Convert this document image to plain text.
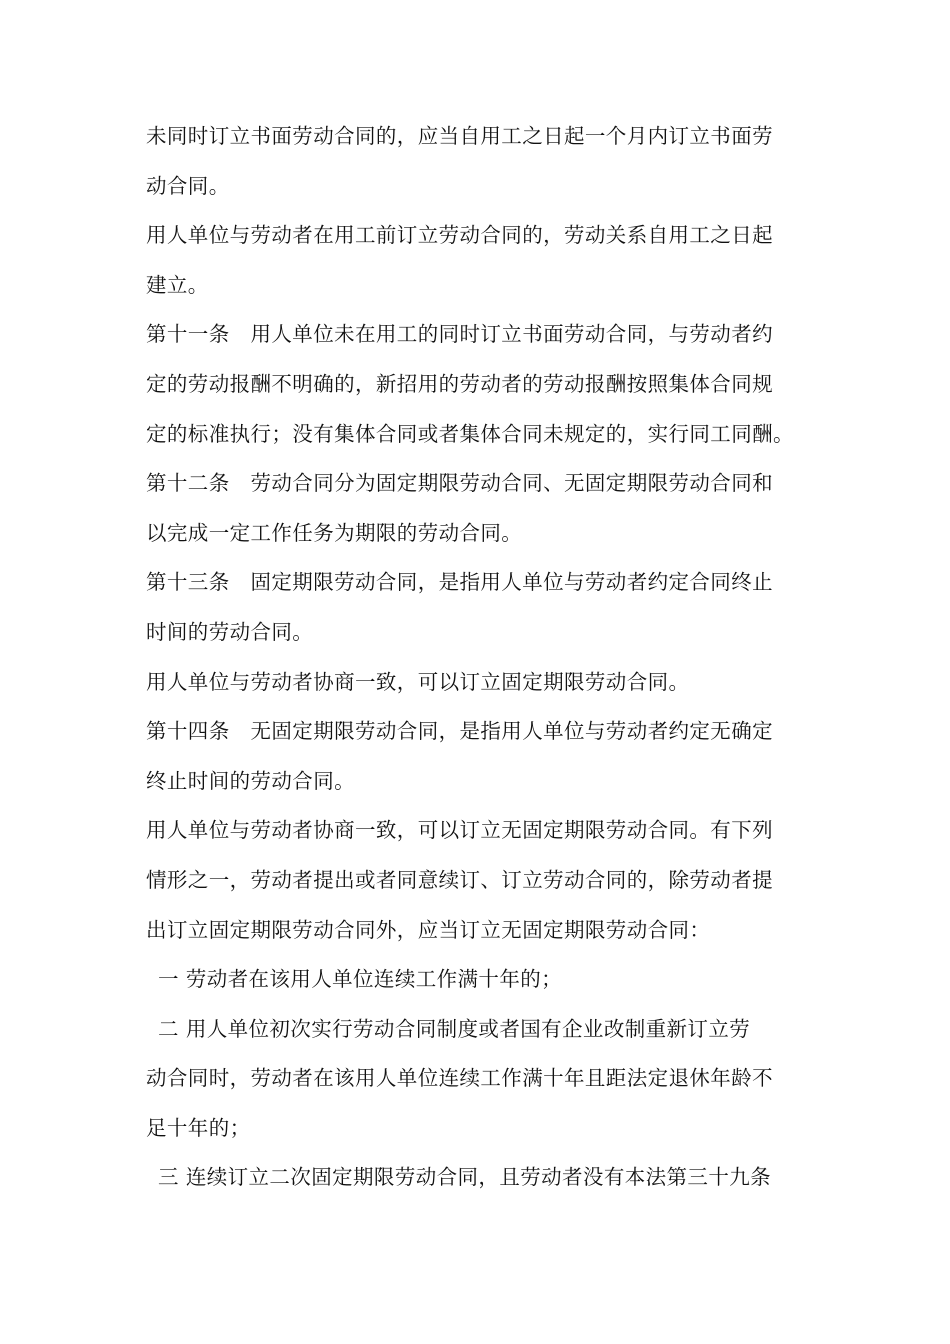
未同时订立书面劳动合同的，应当自用工之日起一个月内订立书面劳

动合同。

用人单位与劳动者在用工前订立劳动合同的，劳动关系自用工之日起

建立。

第十一条　用人单位未在用工的同时订立书面劳动合同，与劳动者约

定的劳动报酬不明确的，新招用的劳动者的劳动报酬按照集体合同规

定的标准执行；没有集体合同或者集体合同未规定的，实行同工同酬。

第十二条　劳动合同分为固定期限劳动合同、无固定期限劳动合同和

以完成一定工作任务为期限的劳动合同。

第十三条　固定期限劳动合同，是指用人单位与劳动者约定合同终止

时间的劳动合同。

用人单位与劳动者协商一致，可以订立固定期限劳动合同。

第十四条　无固定期限劳动合同，是指用人单位与劳动者约定无确定

终止时间的劳动合同。

用人单位与劳动者协商一致，可以订立无固定期限劳动合同。有下列

情形之一，劳动者提出或者同意续订、订立劳动合同的，除劳动者提

出订立固定期限劳动合同外，应当订立无固定期限劳动合同：

一 劳动者在该用人单位连续工作满十年的；

二 用人单位初次实行劳动合同制度或者国有企业改制重新订立劳

动合同时，劳动者在该用人单位连续工作满十年且距法定退休年龄不

足十年的；

三 连续订立二次固定期限劳动合同，且劳动者没有本法第三十九条
